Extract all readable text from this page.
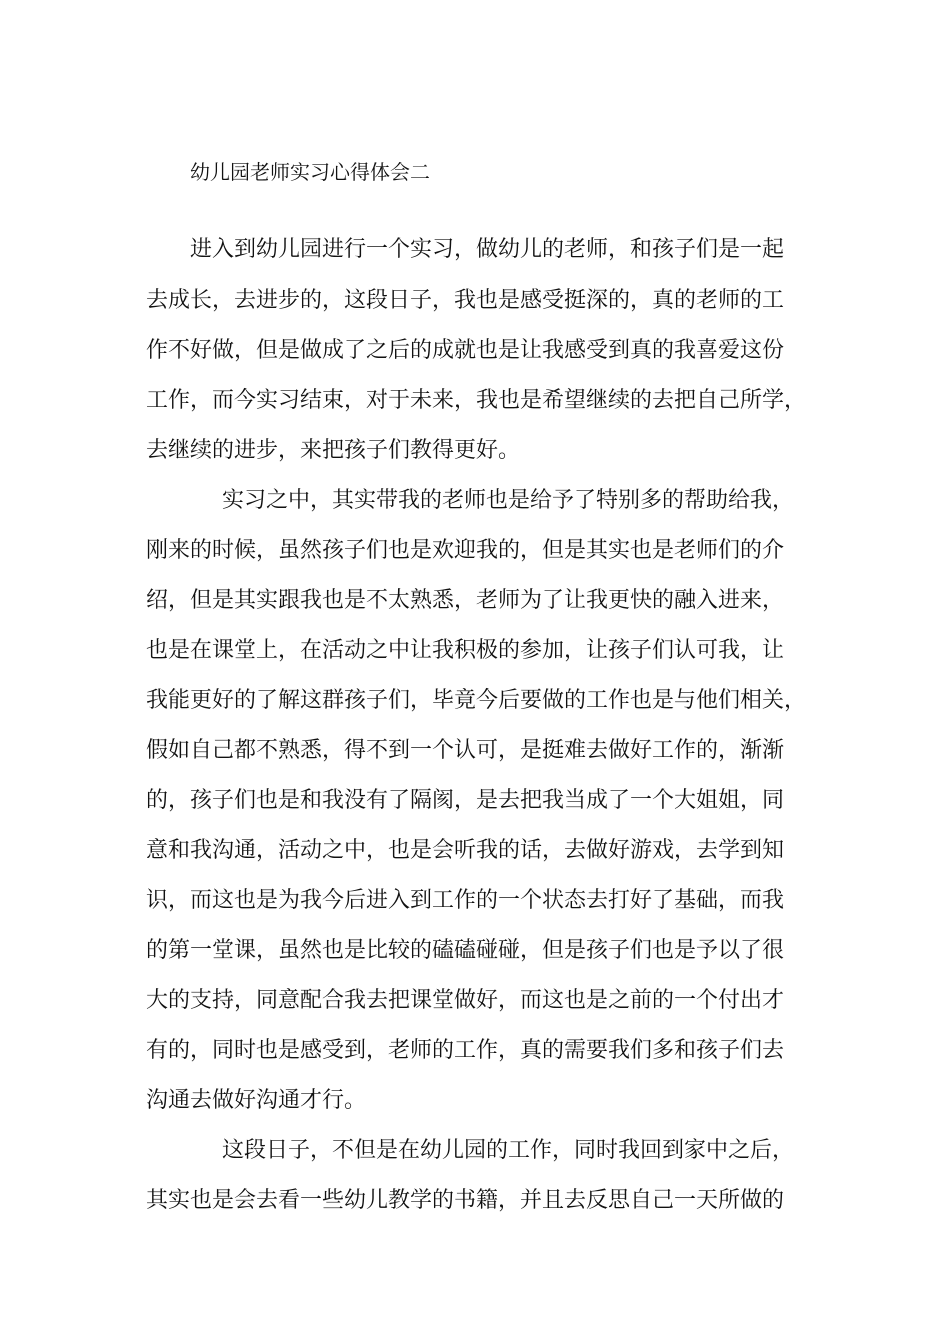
幼儿园老师实习心得体会二
进入到幼儿园进行一个实习，做幼儿的老师，和孩子们是一起
去成长，去进步的，这段日子，我也是感受挺深的，真的老师的工
作不好做，但是做成了之后的成就也是让我感受到真的我喜爱这份
工作，而今实习结束，对于未来，我也是希望继续的去把自己所学，
去继续的进步，来把孩子们教得更好。
实习之中，其实带我的老师也是给予了特别多的帮助给我，
刚来的时候，虽然孩子们也是欢迎我的，但是其实也是老师们的介
绍，但是其实跟我也是不太熟悉，老师为了让我更快的融入进来，
也是在课堂上，在活动之中让我积极的参加，让孩子们认可我，让
我能更好的了解这群孩子们，毕竟今后要做的工作也是与他们相关，
假如自己都不熟悉，得不到一个认可，是挺难去做好工作的，渐渐
的，孩子们也是和我没有了隔阂，是去把我当成了一个大姐姐，同
意和我沟通，活动之中，也是会听我的话，去做好游戏，去学到知
识，而这也是为我今后进入到工作的一个状态去打好了基础，而我
的第一堂课，虽然也是比较的磕磕碰碰，但是孩子们也是予以了很
大的支持，同意配合我去把课堂做好，而这也是之前的一个付出才
有的，同时也是感受到，老师的工作，真的需要我们多和孩子们去
沟通去做好沟通才行。
这段日子，不但是在幼儿园的工作，同时我回到家中之后，
其实也是会去看一些幼儿教学的书籍，并且去反思自己一天所做的
